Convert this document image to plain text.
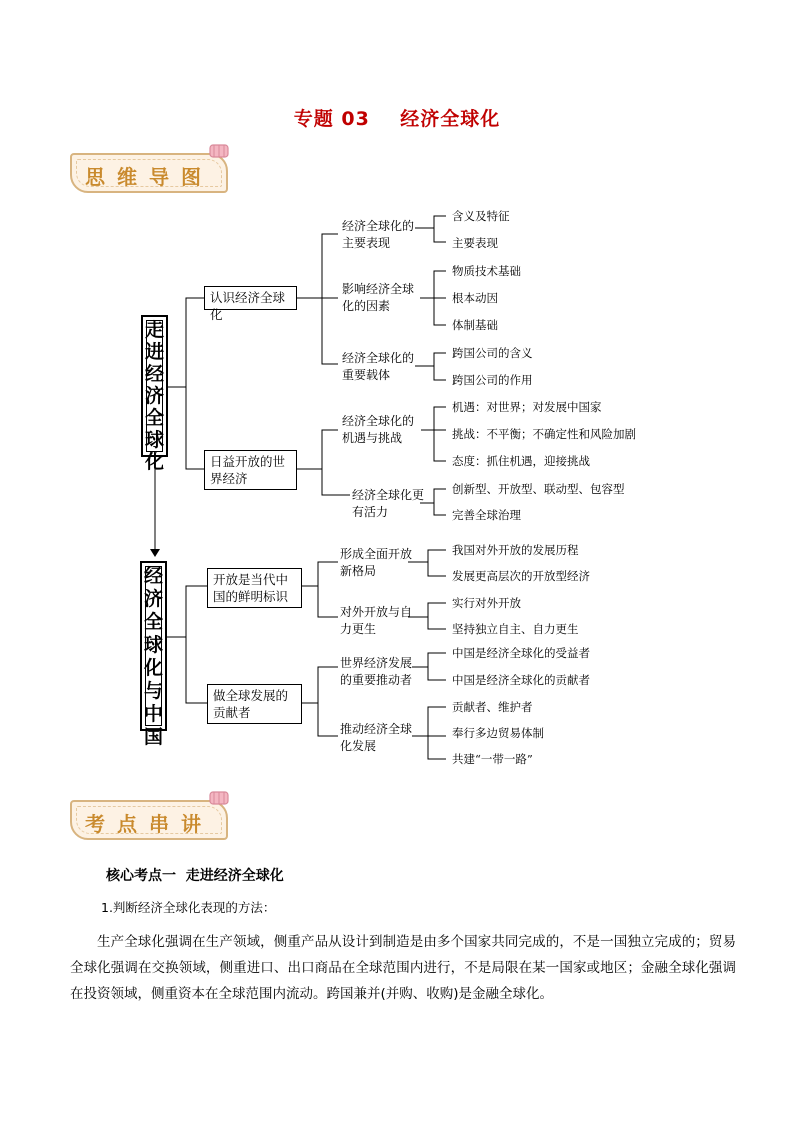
专题 03    经济全球化
思维导图
走进经济全球化
经济全球化与中国
认识经济全球化
日益开放的世界经济
开放是当代中国的鲜明标识
做全球发展的贡献者
经济全球化的主要表现
影响经济全球化的因素
经济全球化的重要载体
经济全球化的机遇与挑战
经济全球化更有活力
形成全面开放新格局
对外开放与自力更生
世界经济发展的重要推动者
推动经济全球化发展
含义及特征
主要表现
物质技术基础
根本动因
体制基础
跨国公司的含义
跨国公司的作用
机遇：对世界；对发展中国家
挑战：不平衡；不确定性和风险加剧
态度：抓住机遇，迎接挑战
创新型、开放型、联动型、包容型
完善全球治理
我国对外开放的发展历程
发展更高层次的开放型经济
实行对外开放
坚持独立自主、自力更生
中国是经济全球化的受益者
中国是经济全球化的贡献者
贡献者、维护者
奉行多边贸易体制
共建“一带一路”
考点串讲
核心考点一  走进经济全球化
1.判断经济全球化表现的方法：
生产全球化强调在生产领域，侧重产品从设计到制造是由多个国家共同完成的，不是一国独立完成的；贸易全球化强调在交换领域，侧重进口、出口商品在全球范围内进行，不是局限在某一国家或地区；金融全球化强调在投资领域，侧重资本在全球范围内流动。跨国兼并(并购、收购)是金融全球化。
